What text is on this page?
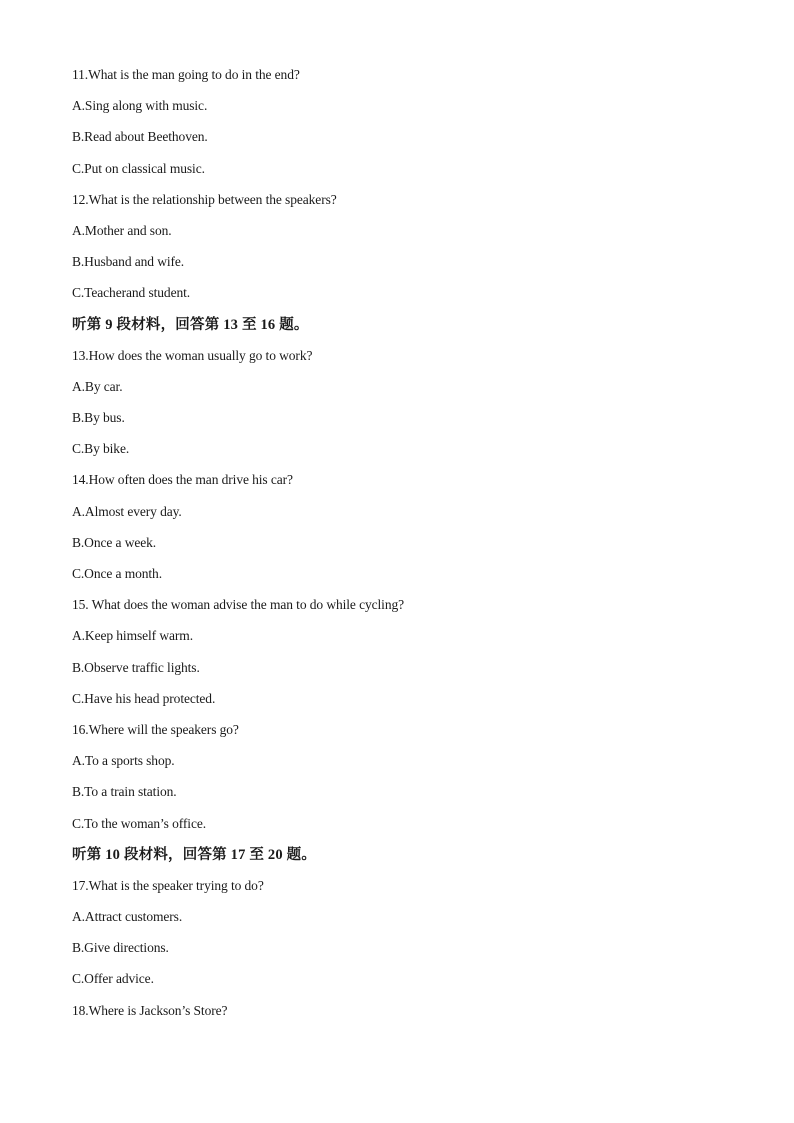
11.What is the man going to do in the end?
A.Sing along with music.
B.Read about Beethoven.
C.Put on classical music.
12.What is the relationship between the speakers?
A.Mother and son.
B.Husband and wife.
C.Teacherand student.
听第 9 段材料，回答第 13 至 16 题。
13.How does the woman usually go to work?
A.By car.
B.By bus.
C.By bike.
14.How often does the man drive his car?
A.Almost every day.
B.Once a week.
C.Once a month.
15. What does the woman advise the man to do while cycling?
A.Keep himself warm.
B.Observe traffic lights.
C.Have his head protected.
16.Where will the speakers go?
A.To a sports shop.
B.To a train station.
C.To the woman’s office.
听第 10 段材料，回答第 17 至 20 题。
17.What is the speaker trying to do?
A.Attract customers.
B.Give directions.
C.Offer advice.
18.Where is Jackson’s Store?
